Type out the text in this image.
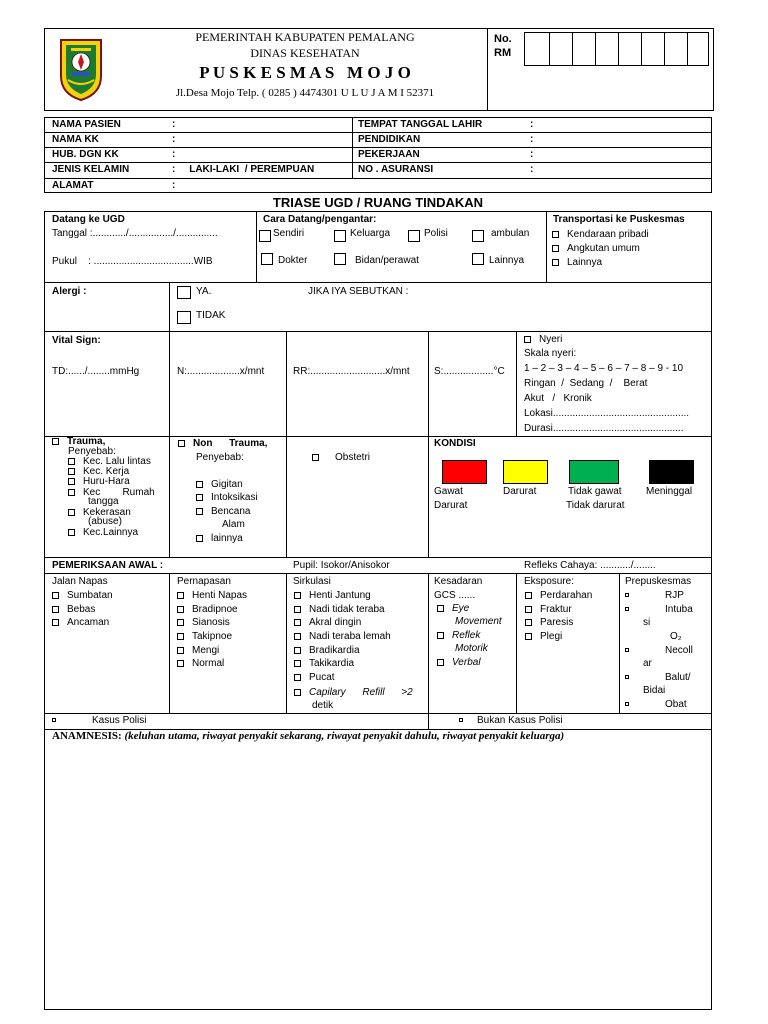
PEMERINTAH KABUPATEN PEMALANG
DINAS KESEHATAN
P U S K E S M A S   M O J O
Jl.Desa Mojo Telp. ( 0285 ) 4474301 U L U J A M I 52371
No.
RM
NAMA PASIEN	:
NAMA KK	:
HUB. DGN KK	:
JENIS KELAMIN	:     LAKI-LAKI  / PEREMPUAN
ALAMAT	:
TEMPAT TANGGAL LAHIR	:
PENDIDIKAN	:
PEKERJAAN	:
NO . ASURANSI	:
TRIASE UGD / RUANG TINDAKAN
Datang ke UGD
Tanggal :............/................/...............
Pukul    : ....................................WIB
Cara Datang/pengantar:
Sendiri	Keluarga	Polisi	ambulan
Dokter	Bidan/perawat	Lainnya
Transportasi ke Puskesmas
Kendaraan pribadi
Angkutan umum
Lainnya
Alergi :	YA.	JIKA IYA SEBUTKAN :
TIDAK
Vital Sign:
TD:....../........mmHg	N:...................x/mnt	RR:...........................x/mnt S:..................°C
Nyeri
Skala nyeri:
1 – 2 – 3 – 4 – 5 – 6 – 7 – 8 – 9 - 10
Ringan  /  Sedang  /    Berat
Akut   /   Kronik
Lokasi.................................................
Durasi...............................................
Trauma,
Penyebab:
Kec. Lalu lintas
Kec. Kerja
Huru-Hara
Kec        Rumah
tangga
Kekerasan
(abuse)
Kec.Lainnya
Non      Trauma,
Penyebab:
Gigitan
Intoksikasi
Bencana
Alam
lainnya
Obstetri
KONDISI
Gawat
Darurat
Darurat	Tidak gawat
Tidak darurat
Meninggal
PEMERIKSAAN AWAL :	Pupil: Isokor/Anisokor	Refleks Cahaya: .........../........
Jalan Napas
Sumbatan
Bebas
Ancaman
Pernapasan
Henti Napas
Bradipnoe
Sianosis
Takipnoe
Mengi
Normal
Sirkulasi
Henti Jantung
Nadi tidak teraba
Akral dingin
Nadi teraba lemah
Bradikardia
Takikardia
Pucat
Capilary      Refill      >2
detik
Kesadaran
GCS ......
Eye
Movement
Reflek
Motorik
Verbal
Eksposure:
Perdarahan
Fraktur
Paresis
Plegi
Prepuskesmas
RJP
Intuba
si
O₂
Necoll
ar
Balut/
Bidai
Obat
Kasus Polisi	Bukan Kasus Polisi
ANAMNESIS: (keluhan utama, riwayat penyakit sekarang, riwayat penyakit dahulu, riwayat penyakit keluarga)
